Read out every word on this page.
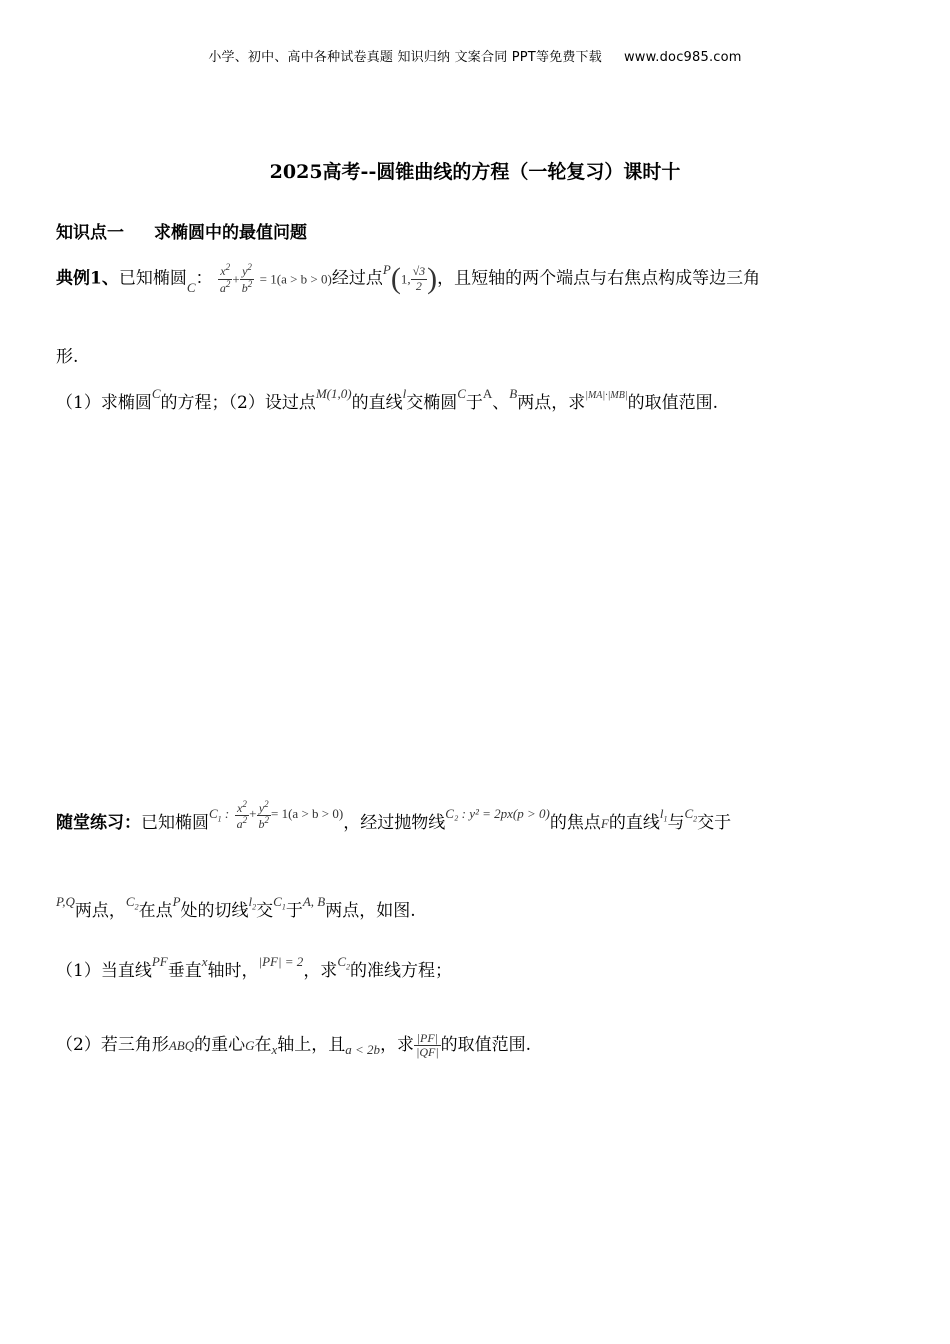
小学、初中、高中各种试卷真题 知识归纳 文案合同 PPT等免费下载 www.doc985.com
2025高考--圆锥曲线的方程（一轮复习）课时十
知识点一 求椭圆中的最值问题
典例1、已知椭圆$_C$： $\frac{x^2}{a^2} + \frac{y^2}{b^2} = 1(a > b > 0)$经过点$^P$(1, $\frac{√3}{2}$ )，且短轴的两个端点与右焦点构成等边三角
形.
（1）求椭圆$^C$的方程；（2）设过点$^{M(1,0)}$的直线$^l$交椭圆$^C$于$^A$、$^B$两点，求$^{|MA|\cdot|MB|}$的取值范围.
随堂练习：已知椭圆$^{C_1 :} \frac{x^2}{a^2} ^+ \frac{y^2}{b^2} ^{= 1(a > b > 0)}$，经过抛物线$^{C_2 : y^2 = 2px(p > 0)}$的焦点F的直线$^{l_1}$与$^{C_2}$交于
$^{P,Q}$两点，$^{C_2}$在点$^P$处的切线$^{l_2}$交$^{C_1}$于$^{A, B}$两点，如图.
（1）当直线$^{PF}$垂直$^x$轴时，$^{|PF| = 2}$，求$^{C_2}$的准线方程；
（2）若三角形ABQ的重心G在$_x$轴上，且$_{a < 2b}$，求 $\frac{|PF|}{|QF|}$ 的取值范围.
